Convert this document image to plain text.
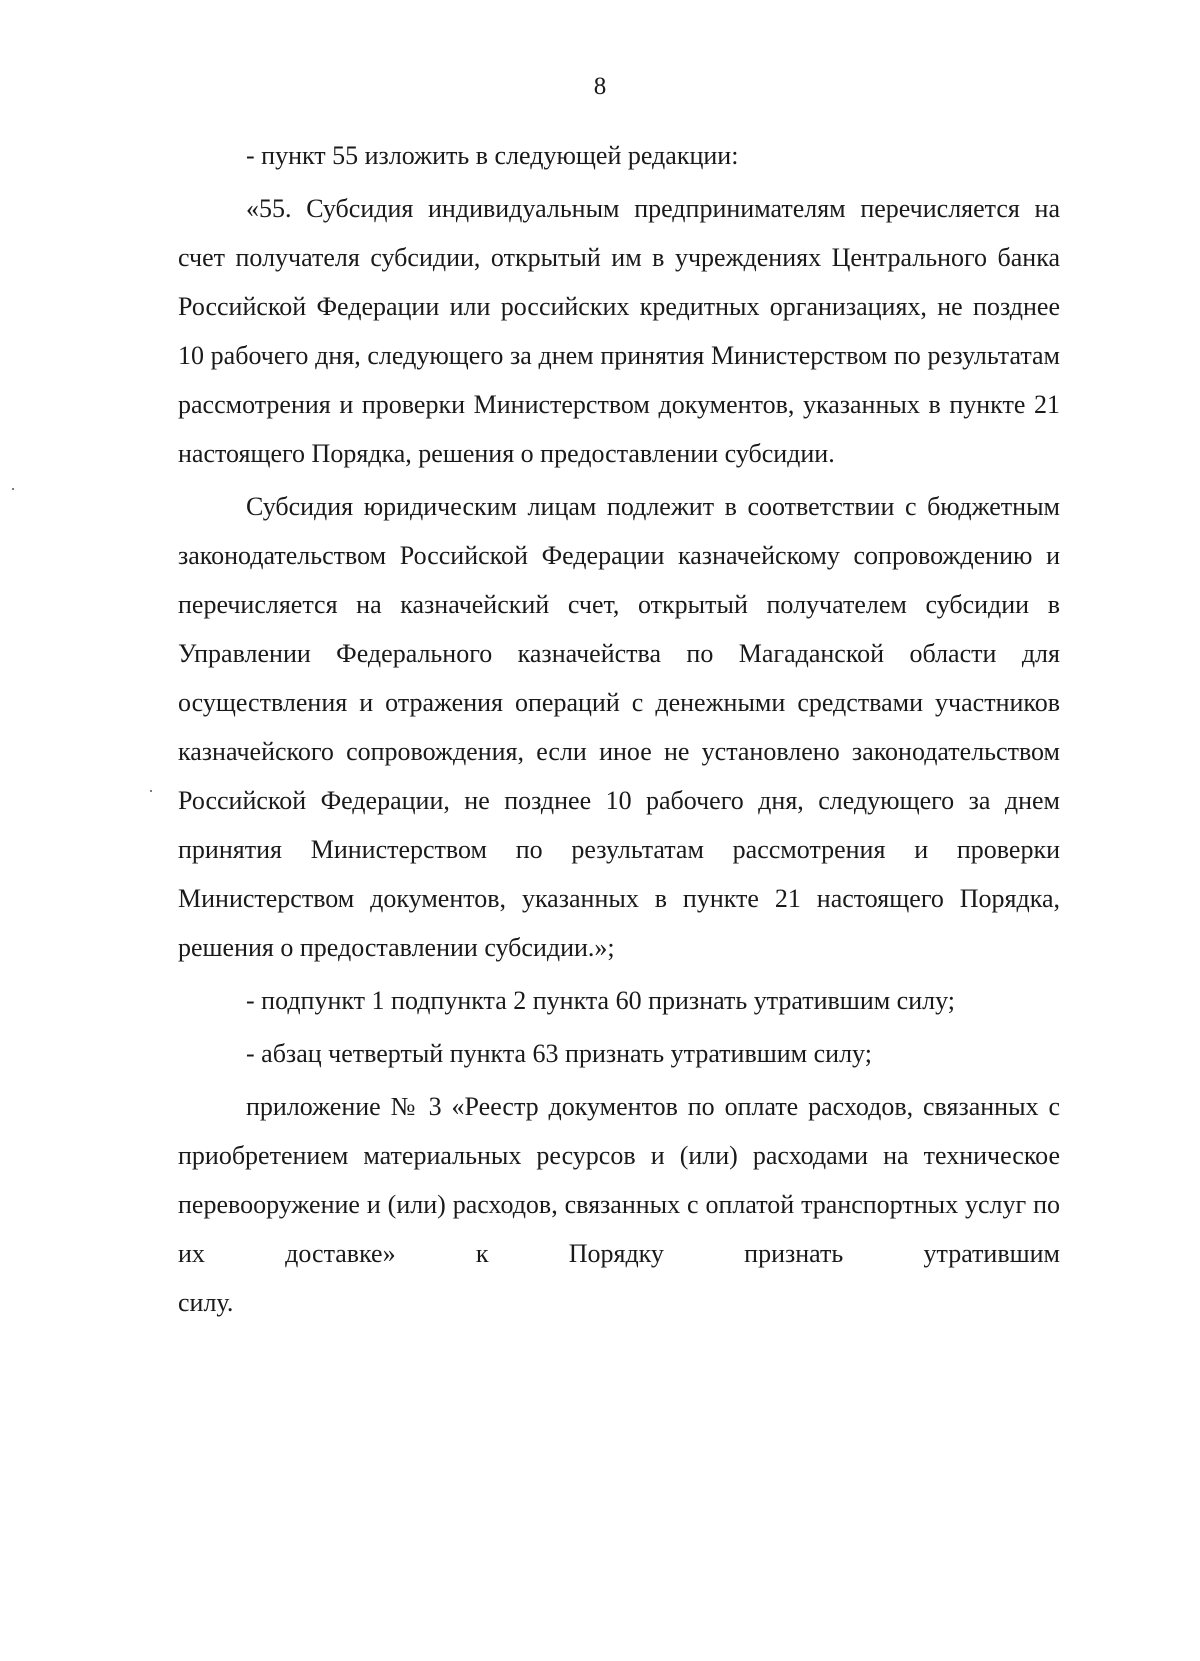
8

- пункт 55 изложить в следующей редакции:

«55. Субсидия индивидуальным предпринимателям перечисляется на счет получателя субсидии, открытый им в учреждениях Центрального банка Российской Федерации или российских кредитных организациях, не позднее 10 рабочего дня, следующего за днем принятия Министерством по результатам рассмотрения и проверки Министерством документов, указанных в пункте 21 настоящего Порядка, решения о предоставлении субсидии.

Субсидия юридическим лицам подлежит в соответствии с бюджетным законодательством Российской Федерации казначейскому сопровождению и перечисляется на казначейский счет, открытый получателем субсидии в Управлении Федерального казначейства по Магаданской области для осуществления и отражения операций с денежными средствами участников казначейского сопровождения, если иное не установлено законодательством Российской Федерации, не позднее 10 рабочего дня, следующего за днем принятия Министерством по результатам рассмотрения и проверки Министерством документов, указанных в пункте 21 настоящего Порядка, решения о предоставлении субсидии.»;

- подпункт 1 подпункта 2 пункта 60 признать утратившим силу;

- абзац четвертый пункта 63 признать утратившим силу;

приложение № 3 «Реестр документов по оплате расходов, связанных с приобретением материальных ресурсов и (или) расходами на техническое перевооружение и (или) расходов, связанных с оплатой транспортных услуг по их доставке» к Порядку признать утратившим

силу.
